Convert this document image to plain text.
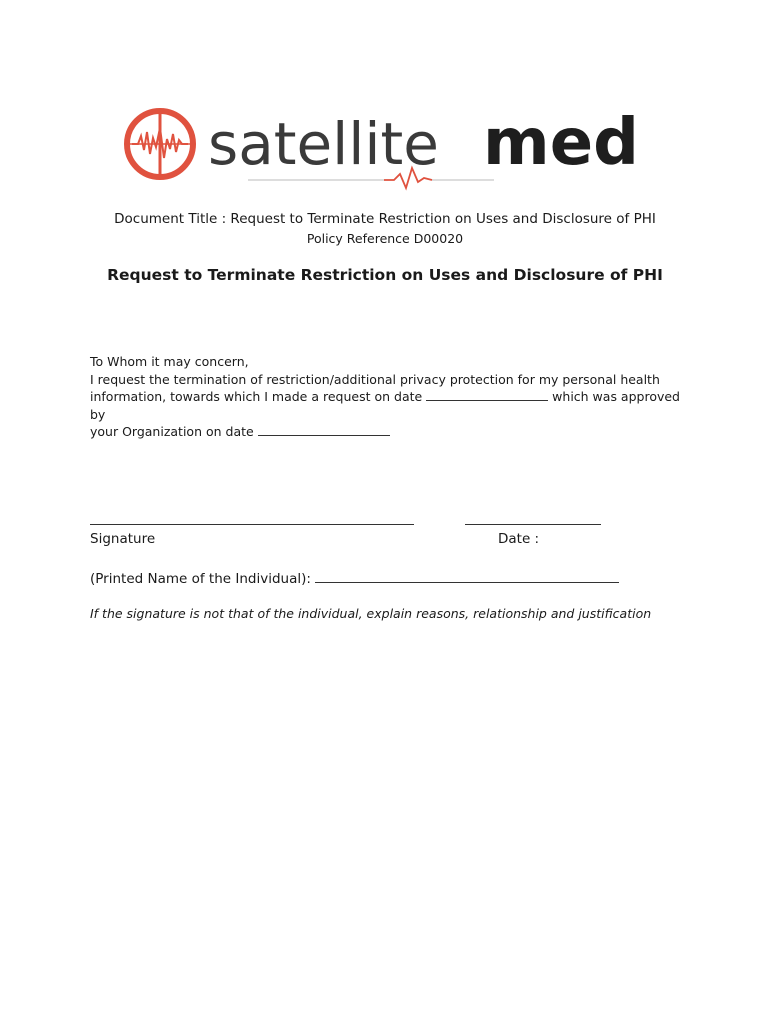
satellite med
Document Title : Request to Terminate Restriction on Uses and Disclosure of PHI
Policy Reference D00020
Request to Terminate Restriction on Uses and Disclosure of PHI

To Whom it may concern,

I request the termination of restriction/additional privacy protection for my personal health

information, towards which I made a request on date	which was approved by

your Organization on date

Signature	Date :
(Printed Name of the Individual):
If the signature is not that of the individual, explain reasons, relationship and justification
